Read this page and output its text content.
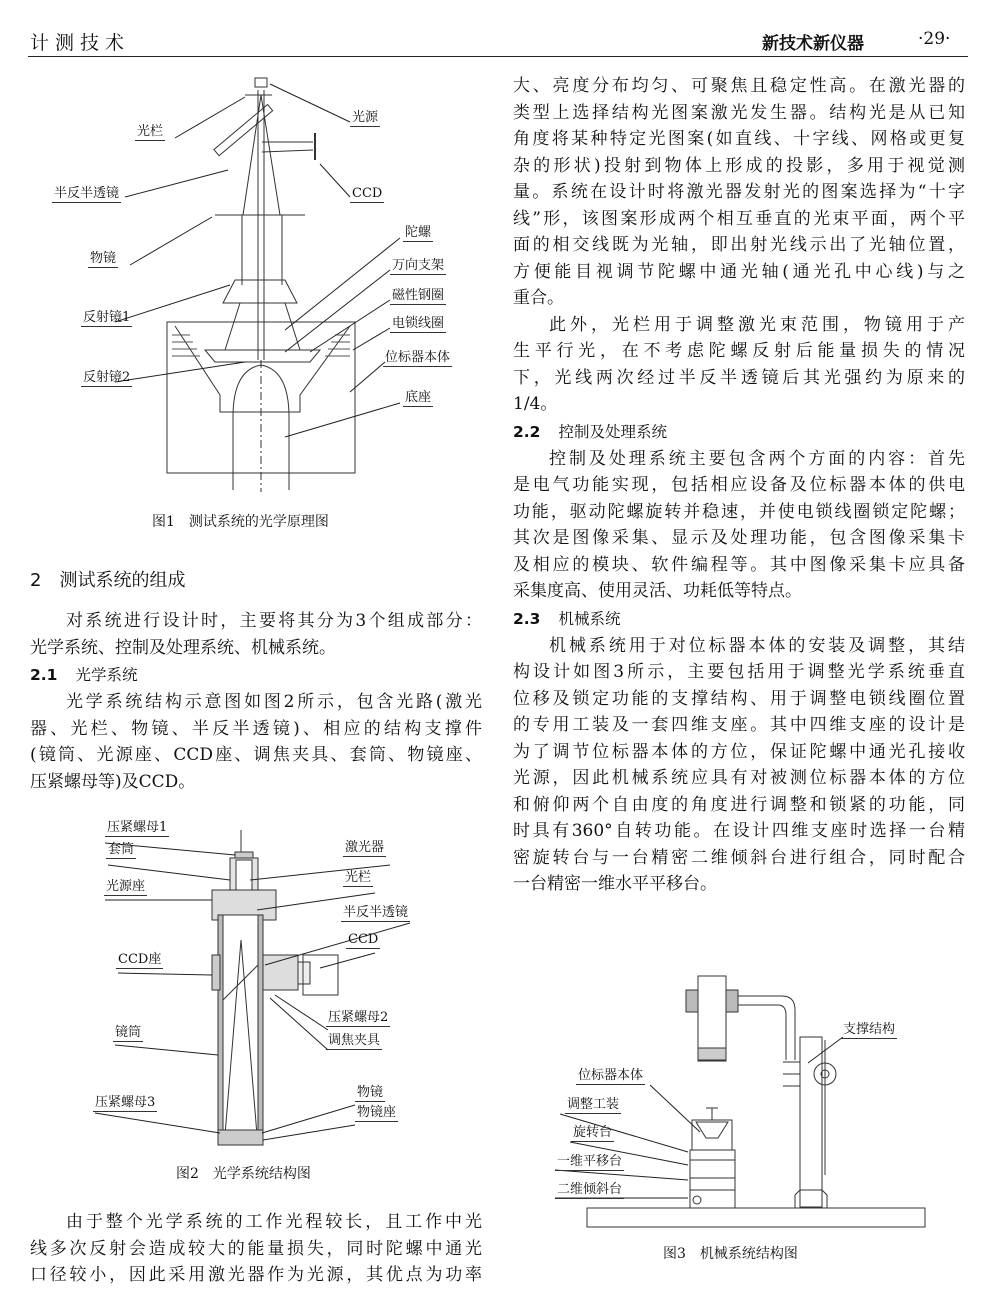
计测技术	新技术新仪器	·29·
光栏
光源
半反半透镜	CCD
物镜
陀螺
万向支架
磁性钢圈
电锁线圈
反射镜1
位标器本体
反射镜2
底座
图1　测试系统的光学原理图
2 测试系统的组成
对系统进行设计时，主要将其分为3个组成部分：
光学系统、控制及处理系统、机械系统。
2.1 光学系统
光学系统结构示意图如图2所示，包含光路(激光
器、光栏、物镜、半反半透镜)、相应的结构支撑件
(镜筒、光源座、CCD座、调焦夹具、套筒、物镜座、
压紧螺母等)及CCD。
压紧螺母1
套筒
光源座
激光器
光栏
半反半透镜
CCD
CCD座
压紧螺母2
调焦夹具
镜筒
压紧螺母3
物镜
物镜座
图2　光学系统结构图
由于整个光学系统的工作光程较长，且工作中光
线多次反射会造成较大的能量损失，同时陀螺中通光
口径较小，因此采用激光器作为光源，其优点为功率
大、亮度分布均匀、可聚焦且稳定性高。在激光器的
类型上选择结构光图案激光发生器。结构光是从已知
角度将某种特定光图案(如直线、十字线、网格或更复
杂的形状)投射到物体上形成的投影，多用于视觉测
量。系统在设计时将激光器发射光的图案选择为“十字
线”形，该图案形成两个相互垂直的光束平面，两个平
面的相交线既为光轴，即出射光线示出了光轴位置，
方便能目视调节陀螺中通光轴(通光孔中心线)与之
重合。
此外，光栏用于调整激光束范围，物镜用于产
生平行光，在不考虑陀螺反射后能量损失的情况
下，光线两次经过半反半透镜后其光强约为原来的
1/4。
2.2 控制及处理系统
控制及处理系统主要包含两个方面的内容：首先
是电气功能实现，包括相应设备及位标器本体的供电
功能，驱动陀螺旋转并稳速，并使电锁线圈锁定陀螺；
其次是图像采集、显示及处理功能，包含图像采集卡
及相应的模块、软件编程等。其中图像采集卡应具备
采集度高、使用灵活、功耗低等特点。
2.3 机械系统
机械系统用于对位标器本体的安装及调整，其结
构设计如图3所示，主要包括用于调整光学系统垂直
位移及锁定功能的支撑结构、用于调整电锁线圈位置
的专用工装及一套四维支座。其中四维支座的设计是
为了调节位标器本体的方位，保证陀螺中通光孔接收
光源，因此机械系统应具有对被测位标器本体的方位
和俯仰两个自由度的角度进行调整和锁紧的功能，同
时具有360°自转功能。在设计四维支座时选择一台精
密旋转台与一台精密二维倾斜台进行组合，同时配合
一台精密一维水平平移台。
支撑结构
位标器本体
调整工装
旋转台
一维平移台
二维倾斜台
图3　机械系统结构图
